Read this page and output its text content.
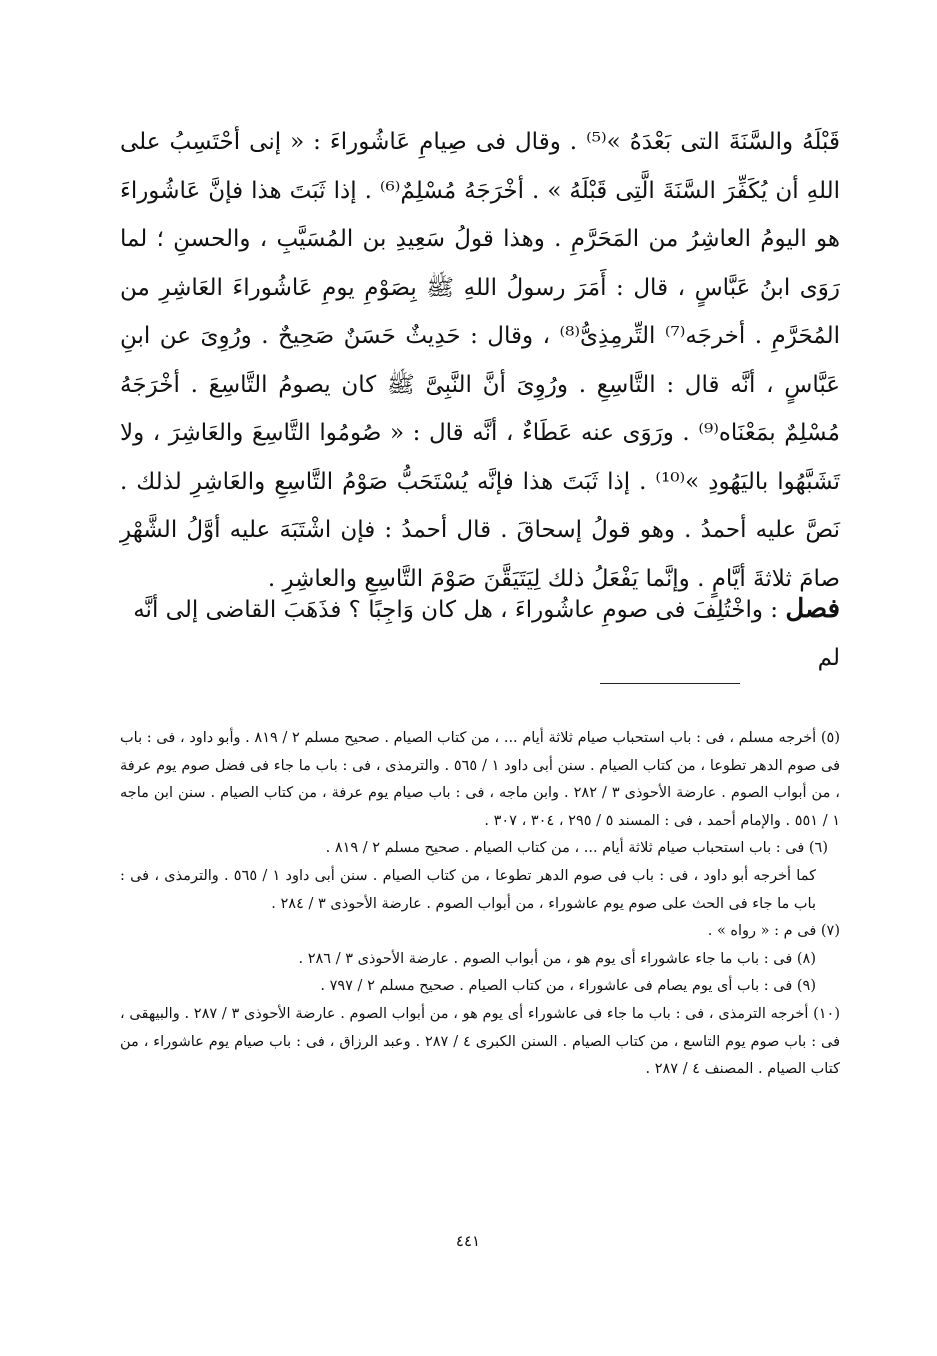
قَبْلَهُ والسَّنَةَ التى بَعْدَهُ »⁽⁵⁾ . وقال فى صِيامِ عَاشُوراءَ : « إنى أحْتَسِبُ على اللهِ أن يُكَفِّرَ السَّنَةَ الَّتِى قَبْلَهُ » . أخْرَجَهُ مُسْلِمٌ⁽⁶⁾ . إذا ثَبَتَ هذا فإنَّ عَاشُوراءَ هو اليومُ العاشِرُ من المَحَرَّمِ . وهذا قولُ سَعِيدِ بن المُسَيَّبِ ، والحسنِ ؛ لما رَوَى ابنُ عَبَّاسٍ ، قال : أَمَرَ رسولُ اللهِ ﷺ بِصَوْمِ يومِ عَاشُوراءَ العَاشِرِ من المُحَرَّمِ . أخرجَه⁽⁷⁾ التِّرمِذِىُّ⁽⁸⁾ ، وقال : حَدِيثٌ حَسَنٌ صَحِيحٌ . ورُوِىَ عن ابنِ عَبَّاسٍ ، أنَّه قال : التَّاسِعِ . ورُوِىَ أنَّ النَّبِىَّ ﷺ كان يصومُ التَّاسِعَ . أخْرَجَهُ مُسْلِمٌ بمَعْنَاه⁽⁹⁾ . ورَوَى عنه عَطَاءٌ ، أنَّه قال : « صُومُوا التَّاسِعَ والعَاشِرَ ، ولا تَشَبَّهُوا باليَهُودِ »⁽¹⁰⁾ . إذا ثَبَتَ هذا فإنَّه يُسْتَحَبُّ صَوْمُ التَّاسِعِ والعَاشِرِ لذلك . نَصَّ عليه أحمدُ . وهو قولُ إسحاقَ . قال أحمدُ : فإن اشْتَبَهَ عليه أوَّلُ الشَّهْرِ صامَ ثلاثةَ أيَّامٍ . وإنَّما يَفْعَلُ ذلك لِيَتَيَقَّنَ صَوْمَ التَّاسِعِ والعاشِرِ .

فصل : واخْتُلِفَ فى صومِ عاشُوراءَ ، هل كان وَاجِبًا ؟ فذَهَبَ القاضى إلى أنَّه لم

(٥) أخرجه مسلم ، فى : باب استحباب صيام ثلاثة أيام ... ، من كتاب الصيام . صحيح مسلم ٢ / ٨١٩ . وأبو داود ، فى : باب فى صوم الدهر تطوعا ، من كتاب الصيام . سنن أبى داود ١ / ٥٦٥ . والترمذى ، فى : باب ما جاء فى فضل صوم يوم عرفة ، من أبواب الصوم . عارضة الأحوذى ٣ / ٢٨٢ . وابن ماجه ، فى : باب صيام يوم عرفة ، من كتاب الصيام . سنن ابن ماجه ١ / ٥٥١ . والإمام أحمد ، فى : المسند ٥ / ٢٩٥ ، ٣٠٤ ، ٣٠٧ .

(٦) فى : باب استحباب صيام ثلاثة أيام ... ، من كتاب الصيام . صحيح مسلم ٢ / ٨١٩ .

كما أخرجه أبو داود ، فى : باب فى صوم الدهر تطوعا ، من كتاب الصيام . سنن أبى داود ١ / ٥٦٥ . والترمذى ، فى : باب ما جاء فى الحث على صوم يوم عاشوراء ، من أبواب الصوم . عارضة الأحوذى ٣ / ٢٨٤ .

(٧) فى م : « رواه » .

(٨) فى : باب ما جاء عاشوراء أى يوم هو ، من أبواب الصوم . عارضة الأحوذى ٣ / ٢٨٦ .

(٩) فى : باب أى يوم يصام فى عاشوراء ، من كتاب الصيام . صحيح مسلم ٢ / ٧٩٧ .

(١٠) أخرجه الترمذى ، فى : باب ما جاء فى عاشوراء أى يوم هو ، من أبواب الصوم . عارضة الأحوذى ٣ / ٢٨٧ . والبيهقى ، فى : باب صوم يوم التاسع ، من كتاب الصيام . السنن الكبرى ٤ / ٢٨٧ . وعبد الرزاق ، فى : باب صيام يوم عاشوراء ، من كتاب الصيام . المصنف ٤ / ٢٨٧ .

٤٤١
